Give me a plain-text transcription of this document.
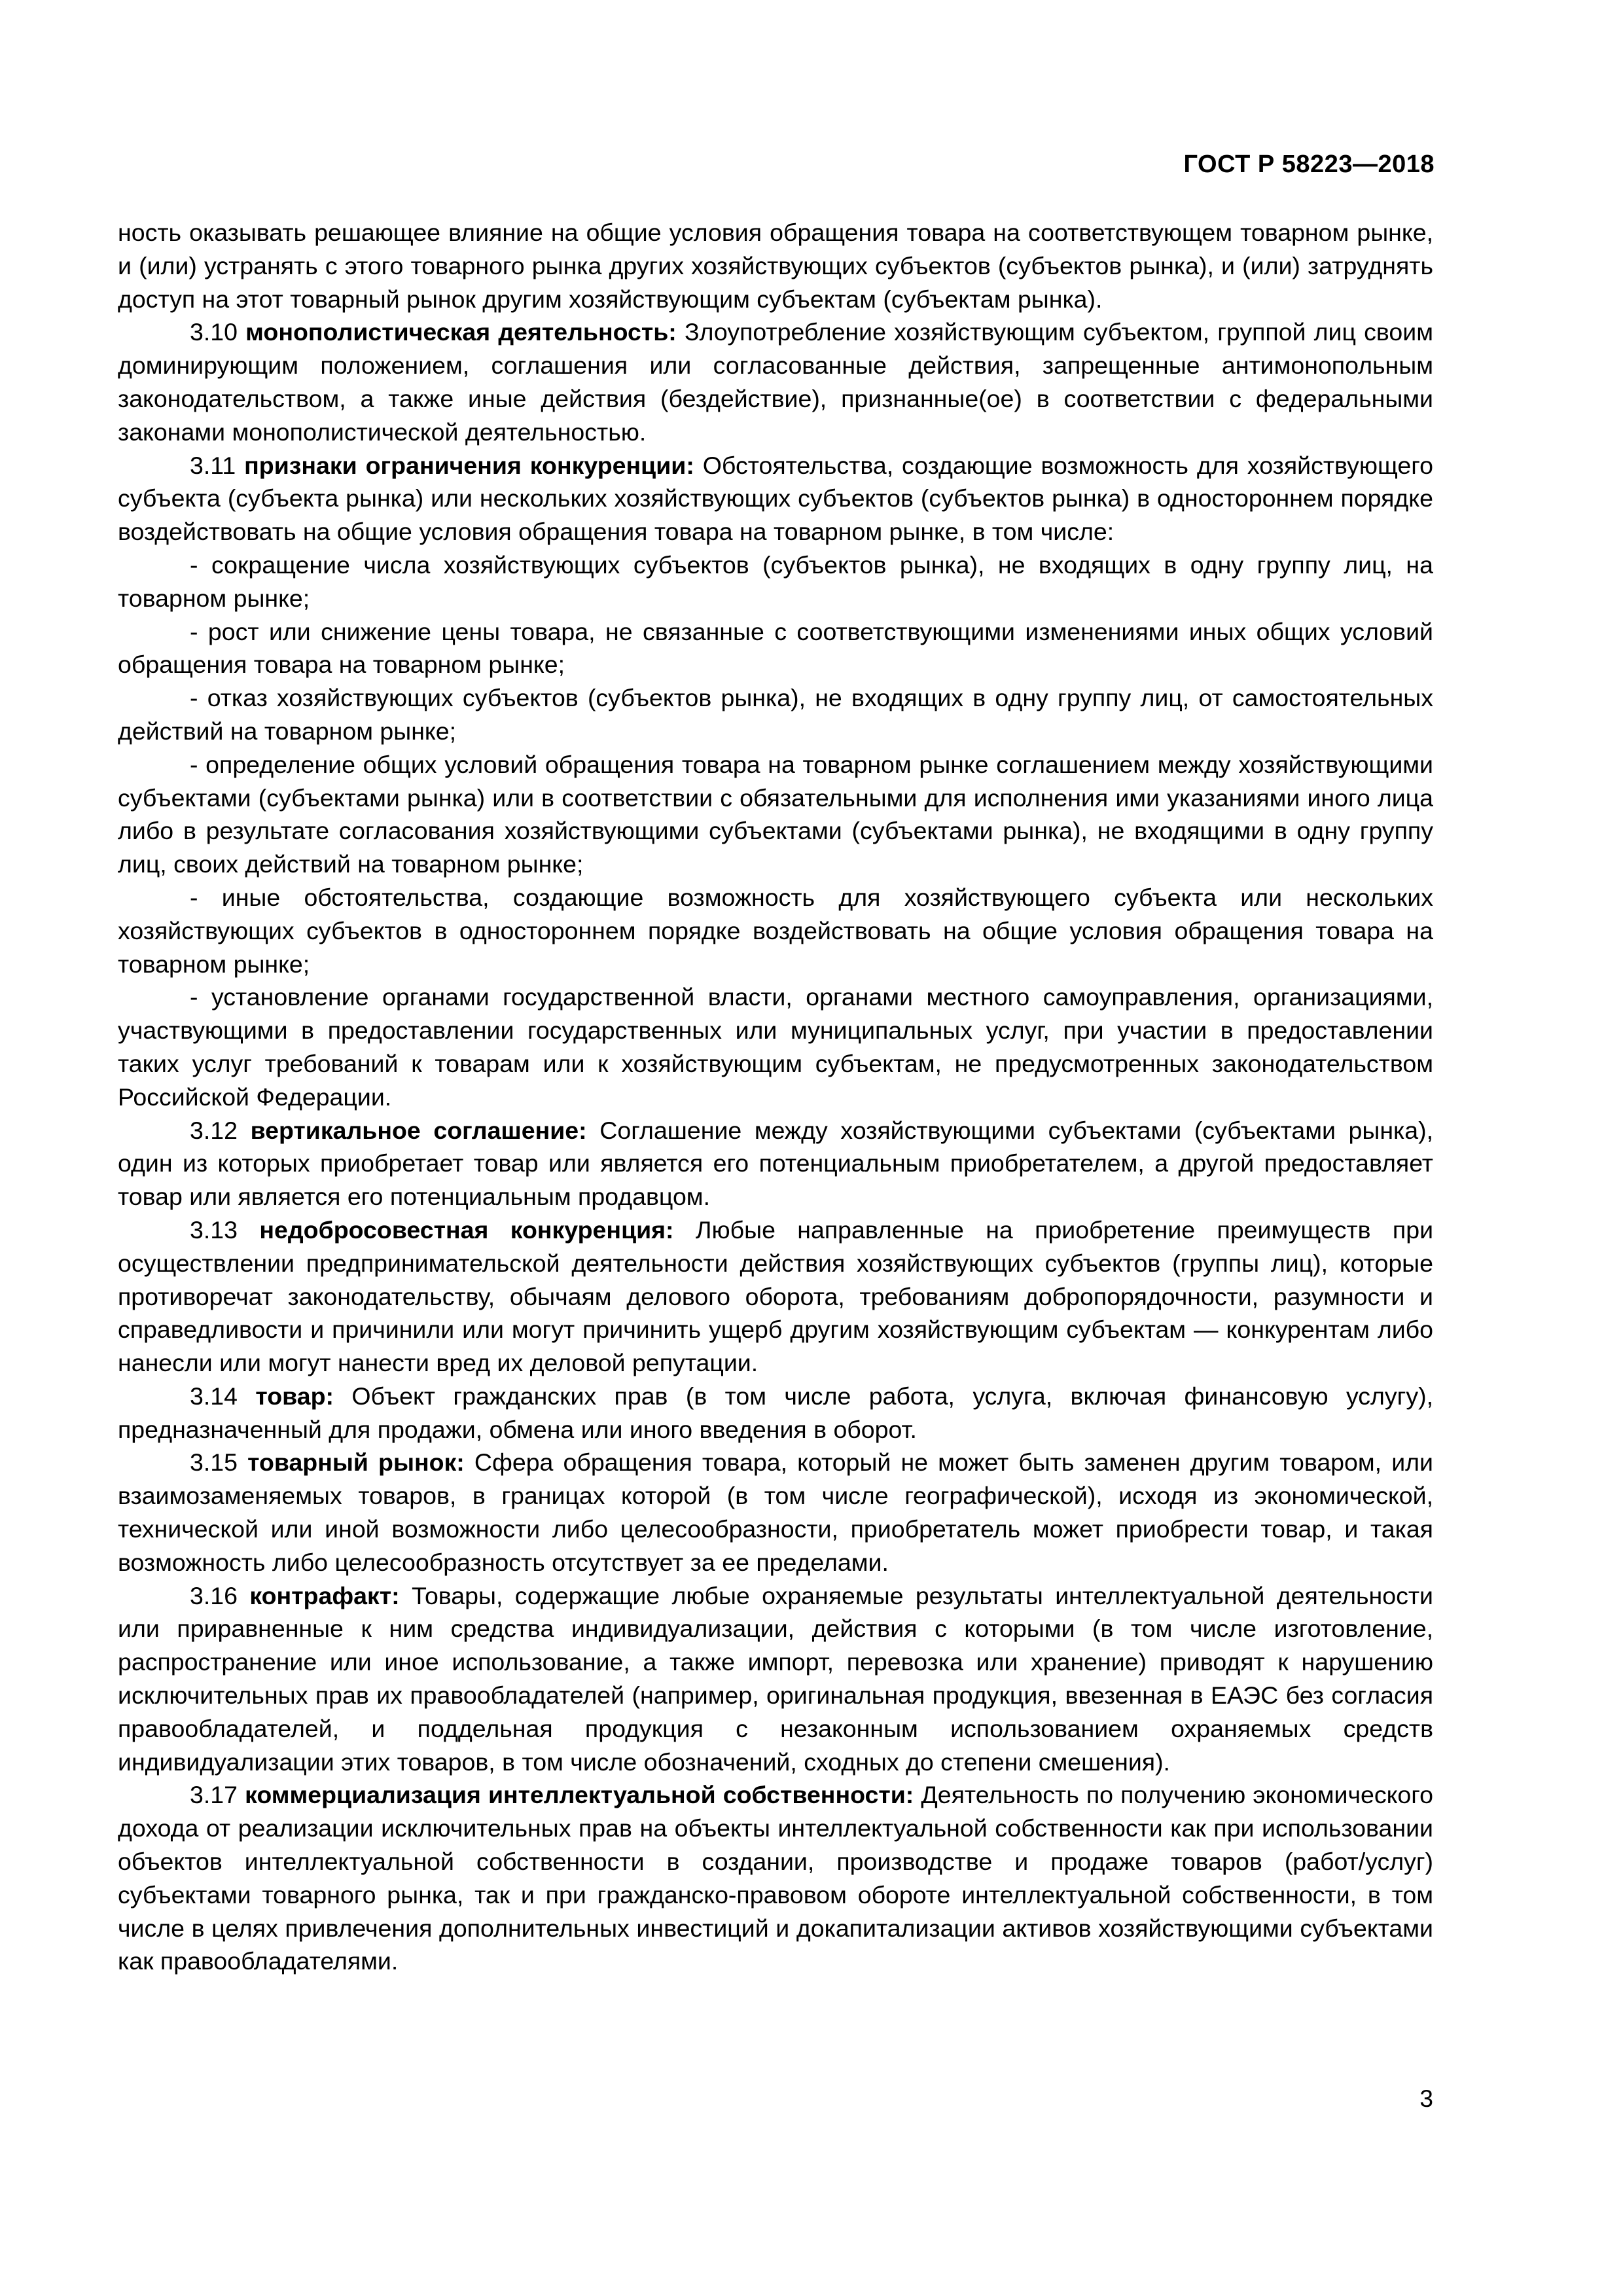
ГОСТ Р 58223—2018

ность оказывать решающее влияние на общие условия обращения товара на соответствующем товарном рынке, и (или) устранять с этого товарного рынка других хозяйствующих субъектов (субъектов рынка), и (или) затруднять доступ на этот товарный рынок другим хозяйствующим субъектам (субъектам рынка).

3.10 монополистическая деятельность: Злоупотребление хозяйствующим субъектом, группой лиц своим доминирующим положением, соглашения или согласованные действия, запрещенные антимонопольным законодательством, а также иные действия (бездействие), признанные(ое) в соответствии с федеральными законами монополистической деятельностью.

3.11 признаки ограничения конкуренции: Обстоятельства, создающие возможность для хозяйствующего субъекта (субъекта рынка) или нескольких хозяйствующих субъектов (субъектов рынка) в одностороннем порядке воздействовать на общие условия обращения товара на товарном рынке, в том числе:

- сокращение числа хозяйствующих субъектов (субъектов рынка), не входящих в одну группу лиц, на товарном рынке;

- рост или снижение цены товара, не связанные с соответствующими изменениями иных общих условий обращения товара на товарном рынке;

- отказ хозяйствующих субъектов (субъектов рынка), не входящих в одну группу лиц, от самостоятельных действий на товарном рынке;

- определение общих условий обращения товара на товарном рынке соглашением между хозяйствующими субъектами (субъектами рынка) или в соответствии с обязательными для исполнения ими указаниями иного лица либо в результате согласования хозяйствующими субъектами (субъектами рынка), не входящими в одну группу лиц, своих действий на товарном рынке;

- иные обстоятельства, создающие возможность для хозяйствующего субъекта или нескольких хозяйствующих субъектов в одностороннем порядке воздействовать на общие условия обращения товара на товарном рынке;

- установление органами государственной власти, органами местного самоуправления, организациями, участвующими в предоставлении государственных или муниципальных услуг, при участии в предоставлении таких услуг требований к товарам или к хозяйствующим субъектам, не предусмотренных законодательством Российской Федерации.

3.12 вертикальное соглашение: Соглашение между хозяйствующими субъектами (субъектами рынка), один из которых приобретает товар или является его потенциальным приобретателем, а другой предоставляет товар или является его потенциальным продавцом.

3.13 недобросовестная конкуренция: Любые направленные на приобретение преимуществ при осуществлении предпринимательской деятельности действия хозяйствующих субъектов (группы лиц), которые противоречат законодательству, обычаям делового оборота, требованиям добропорядочности, разумности и справедливости и причинили или могут причинить ущерб другим хозяйствующим субъектам — конкурентам либо нанесли или могут нанести вред их деловой репутации.

3.14 товар: Объект гражданских прав (в том числе работа, услуга, включая финансовую услугу), предназначенный для продажи, обмена или иного введения в оборот.

3.15 товарный рынок: Сфера обращения товара, который не может быть заменен другим товаром, или взаимозаменяемых товаров, в границах которой (в том числе географической), исходя из экономической, технической или иной возможности либо целесообразности, приобретатель может приобрести товар, и такая возможность либо целесообразность отсутствует за ее пределами.

3.16 контрафакт: Товары, содержащие любые охраняемые результаты интеллектуальной деятельности или приравненные к ним средства индивидуализации, действия с которыми (в том числе изготовление, распространение или иное использование, а также импорт, перевозка или хранение) приводят к нарушению исключительных прав их правообладателей (например, оригинальная продукция, ввезенная в ЕАЭС без согласия правообладателей, и поддельная продукция с незаконным использованием охраняемых средств индивидуализации этих товаров, в том числе обозначений, сходных до степени смешения).

3.17 коммерциализация интеллектуальной собственности: Деятельность по получению экономического дохода от реализации исключительных прав на объекты интеллектуальной собственности как при использовании объектов интеллектуальной собственности в создании, производстве и продаже товаров (работ/услуг) субъектами товарного рынка, так и при гражданско-правовом обороте интеллектуальной собственности, в том числе в целях привлечения дополнительных инвестиций и докапитализации активов хозяйствующими субъектами как правообладателями.

3
